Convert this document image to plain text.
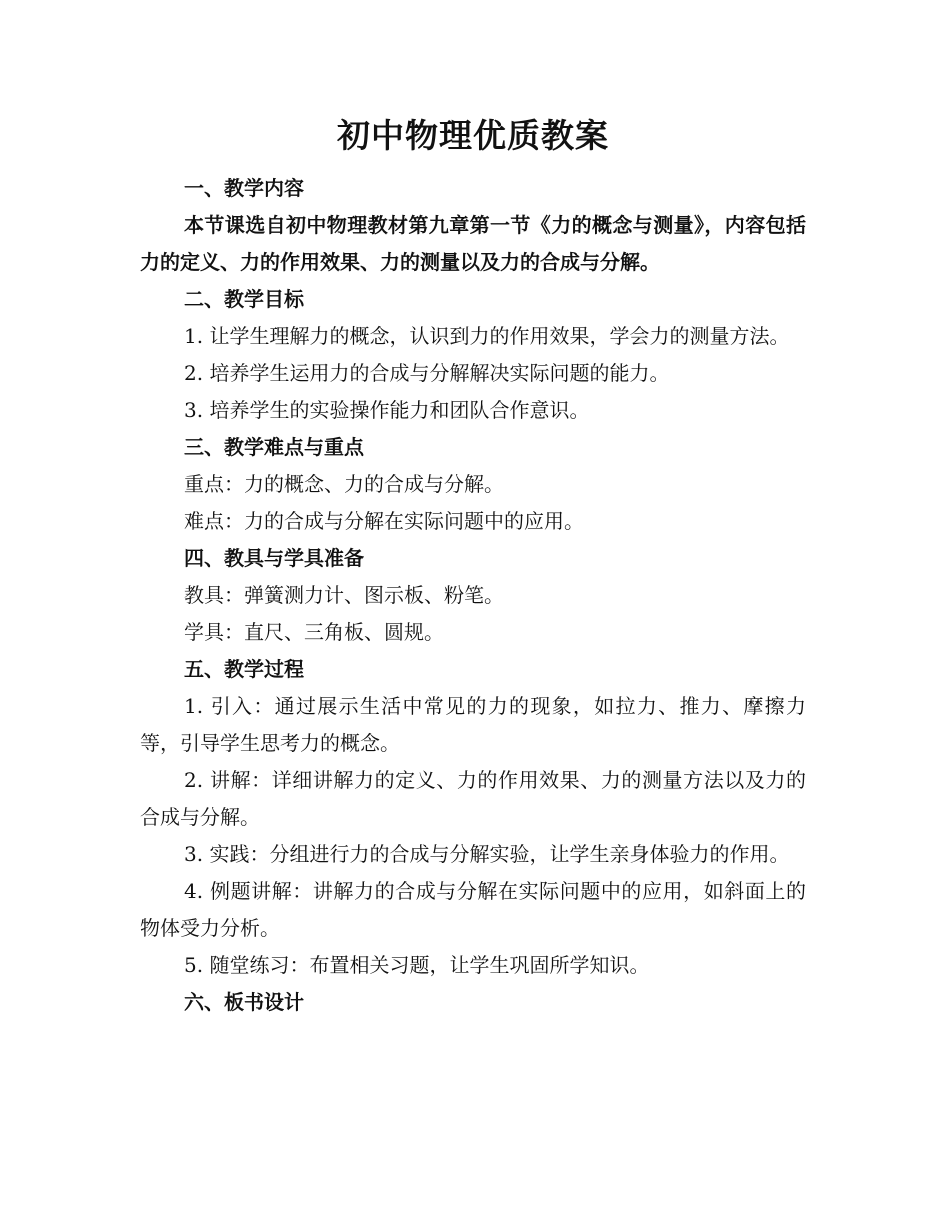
初中物理优质教案

一、教学内容

本节课选自初中物理教材第九章第一节《力的概念与测量》，内容包括力的定义、力的作用效果、力的测量以及力的合成与分解。

二、教学目标

1. 让学生理解力的概念，认识到力的作用效果，学会力的测量方法。

2. 培养学生运用力的合成与分解解决实际问题的能力。

3. 培养学生的实验操作能力和团队合作意识。

三、教学难点与重点

重点：力的概念、力的合成与分解。

难点：力的合成与分解在实际问题中的应用。

四、教具与学具准备

教具：弹簧测力计、图示板、粉笔。

学具：直尺、三角板、圆规。

五、教学过程

1. 引入：通过展示生活中常见的力的现象，如拉力、推力、摩擦力等，引导学生思考力的概念。

2. 讲解：详细讲解力的定义、力的作用效果、力的测量方法以及力的合成与分解。

3. 实践：分组进行力的合成与分解实验，让学生亲身体验力的作用。

4. 例题讲解：讲解力的合成与分解在实际问题中的应用，如斜面上的物体受力分析。

5. 随堂练习：布置相关习题，让学生巩固所学知识。

六、板书设计
